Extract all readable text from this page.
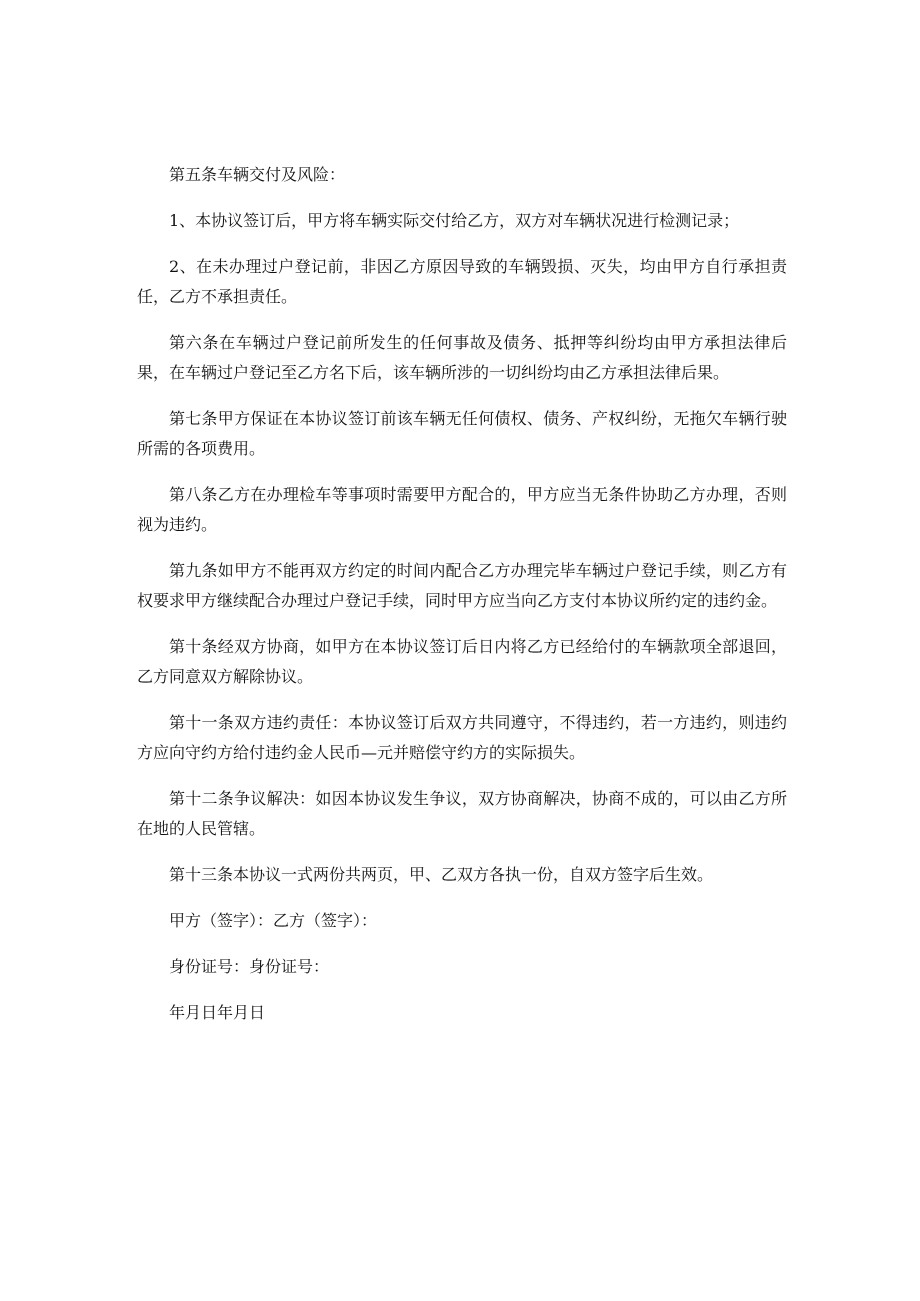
第五条车辆交付及风险：

1、本协议签订后，甲方将车辆实际交付给乙方，双方对车辆状况进行检测记录；

2、在未办理过户登记前，非因乙方原因导致的车辆毁损、灭失，均由甲方自行承担责任，乙方不承担责任。

第六条在车辆过户登记前所发生的任何事故及债务、抵押等纠纷均由甲方承担法律后果，在车辆过户登记至乙方名下后，该车辆所涉的一切纠纷均由乙方承担法律后果。

第七条甲方保证在本协议签订前该车辆无任何债权、债务、产权纠纷，无拖欠车辆行驶所需的各项费用。

第八条乙方在办理检车等事项时需要甲方配合的，甲方应当无条件协助乙方办理，否则视为违约。

第九条如甲方不能再双方约定的时间内配合乙方办理完毕车辆过户登记手续，则乙方有权要求甲方继续配合办理过户登记手续，同时甲方应当向乙方支付本协议所约定的违约金。

第十条经双方协商，如甲方在本协议签订后日内将乙方已经给付的车辆款项全部退回，乙方同意双方解除协议。

第十一条双方违约责任：本协议签订后双方共同遵守，不得违约，若一方违约，则违约方应向守约方给付违约金人民币—元并赔偿守约方的实际损失。

第十二条争议解决：如因本协议发生争议，双方协商解决，协商不成的，可以由乙方所在地的人民管辖。

第十三条本协议一式两份共两页，甲、乙双方各执一份，自双方签字后生效。

甲方（签字）：乙方（签字）：

身份证号：身份证号：

年月日年月日
